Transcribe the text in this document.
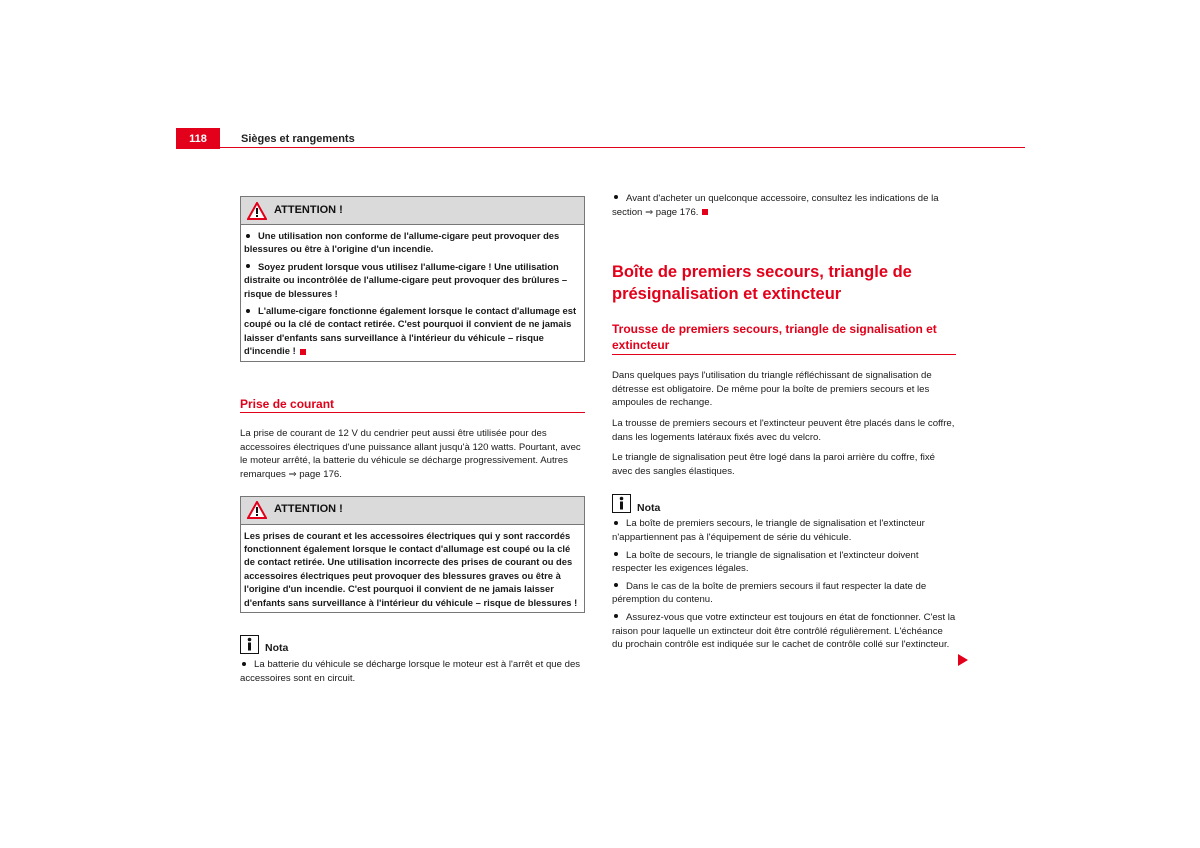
118	Sièges et rangements
ATTENTION !

Une utilisation non conforme de l'allume-cigare peut provoquer des blessures ou être à l'origine d'un incendie.

Soyez prudent lorsque vous utilisez l'allume-cigare ! Une utilisation distraite ou incontrôlée de l'allume-cigare peut provoquer des brûlures – risque de blessures !

L'allume-cigare fonctionne également lorsque le contact d'allumage est coupé ou la clé de contact retirée. C'est pourquoi il convient de ne jamais laisser d'enfants sans surveillance à l'intérieur du véhicule – risque d'incendie !

Prise de courant

La prise de courant de 12 V du cendrier peut aussi être utilisée pour des accessoires électriques d'une puissance allant jusqu'à 120 watts. Pourtant, avec le moteur arrêté, la batterie du véhicule se décharge progressivement. Autres remarques ⇒ page 176.

ATTENTION !

Les prises de courant et les accessoires électriques qui y sont raccordés fonctionnent également lorsque le contact d'allumage est coupé ou la clé de contact retirée. Une utilisation incorrecte des prises de courant ou des accessoires électriques peut provoquer des blessures graves ou être à l'origine d'un incendie. C'est pourquoi il convient de ne jamais laisser d'enfants sans surveillance à l'intérieur du véhicule – risque de blessures !

Nota

La batterie du véhicule se décharge lorsque le moteur est à l'arrêt et que des accessoires sont en circuit.

Avant d'acheter un quelconque accessoire, consultez les indications de la section ⇒ page 176.

Boîte de premiers secours, triangle de présignalisation et extincteur
Trousse de premiers secours, triangle de signalisation et extincteur

Dans quelques pays l'utilisation du triangle réfléchissant de signalisation de détresse est obligatoire. De même pour la boîte de premiers secours et les ampoules de rechange.

La trousse de premiers secours et l'extincteur peuvent être placés dans le coffre, dans les logements latéraux fixés avec du velcro.

Le triangle de signalisation peut être logé dans la paroi arrière du coffre, fixé avec des sangles élastiques.

Nota

La boîte de premiers secours, le triangle de signalisation et l'extincteur n'appartiennent pas à l'équipement de série du véhicule.

La boîte de secours, le triangle de signalisation et l'extincteur doivent respecter les exigences légales.

Dans le cas de la boîte de premiers secours il faut respecter la date de péremption du contenu.

Assurez-vous que votre extincteur est toujours en état de fonctionner. C'est la raison pour laquelle un extincteur doit être contrôlé régulièrement. L'échéance du prochain contrôle est indiquée sur le cachet de contrôle collé sur l'extincteur.
